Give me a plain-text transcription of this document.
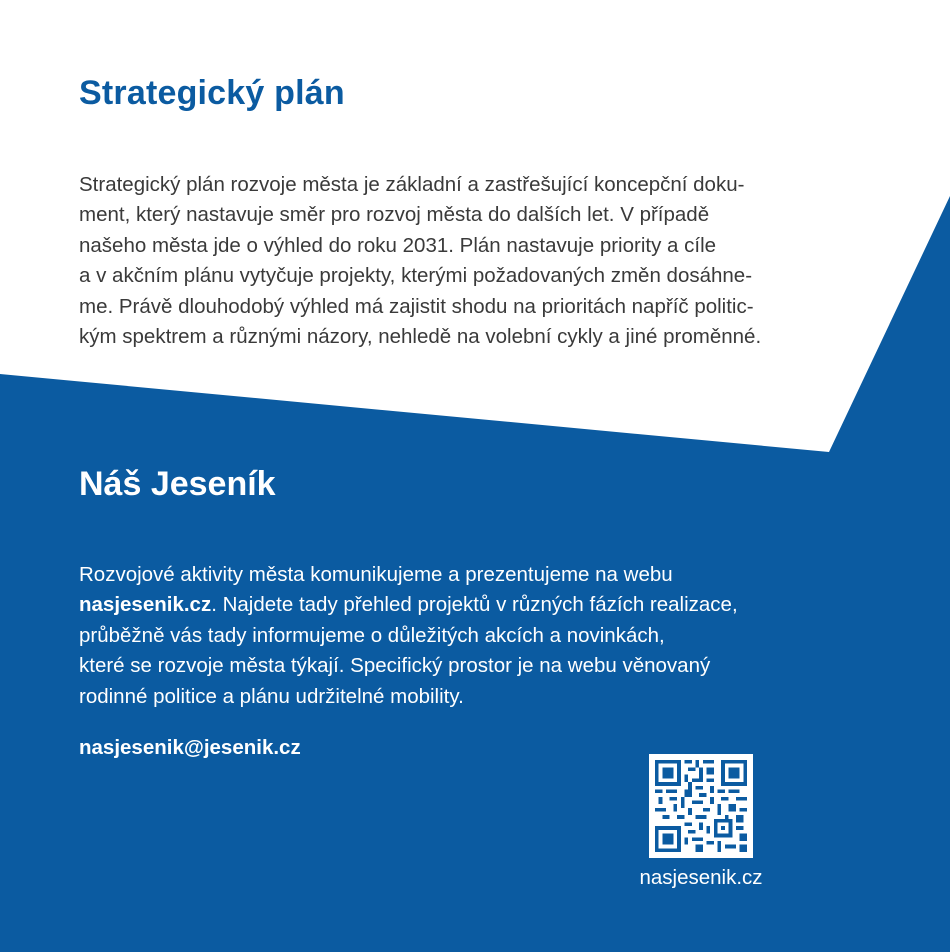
Strategický plán

Strategický plán rozvoje města je základní a zastřešující koncepční doku-
ment, který nastavuje směr pro rozvoj města do dalších let. V případě
našeho města jde o výhled do roku 2031. Plán nastavuje priority a cíle
a v akčním plánu vytyčuje projekty, kterými požadovaných změn dosáhne-
me. Právě dlouhodobý výhled má zajistit shodu na prioritách napříč politic-
kým spektrem a různými názory, nehledě na volební cykly a jiné proměnné.

Náš Jeseník

Rozvojové aktivity města komunikujeme a prezentujeme na webu
nasjesenik.cz. Najdete tady přehled projektů v různých fázích realizace,
průběžně vás tady informujeme o důležitých akcích a novinkách,
které se rozvoje města týkají. Specifický prostor je na webu věnovaný
rodinné politice a plánu udržitelné mobility.

nasjesenik@jesenik.cz

nasjesenik.cz
